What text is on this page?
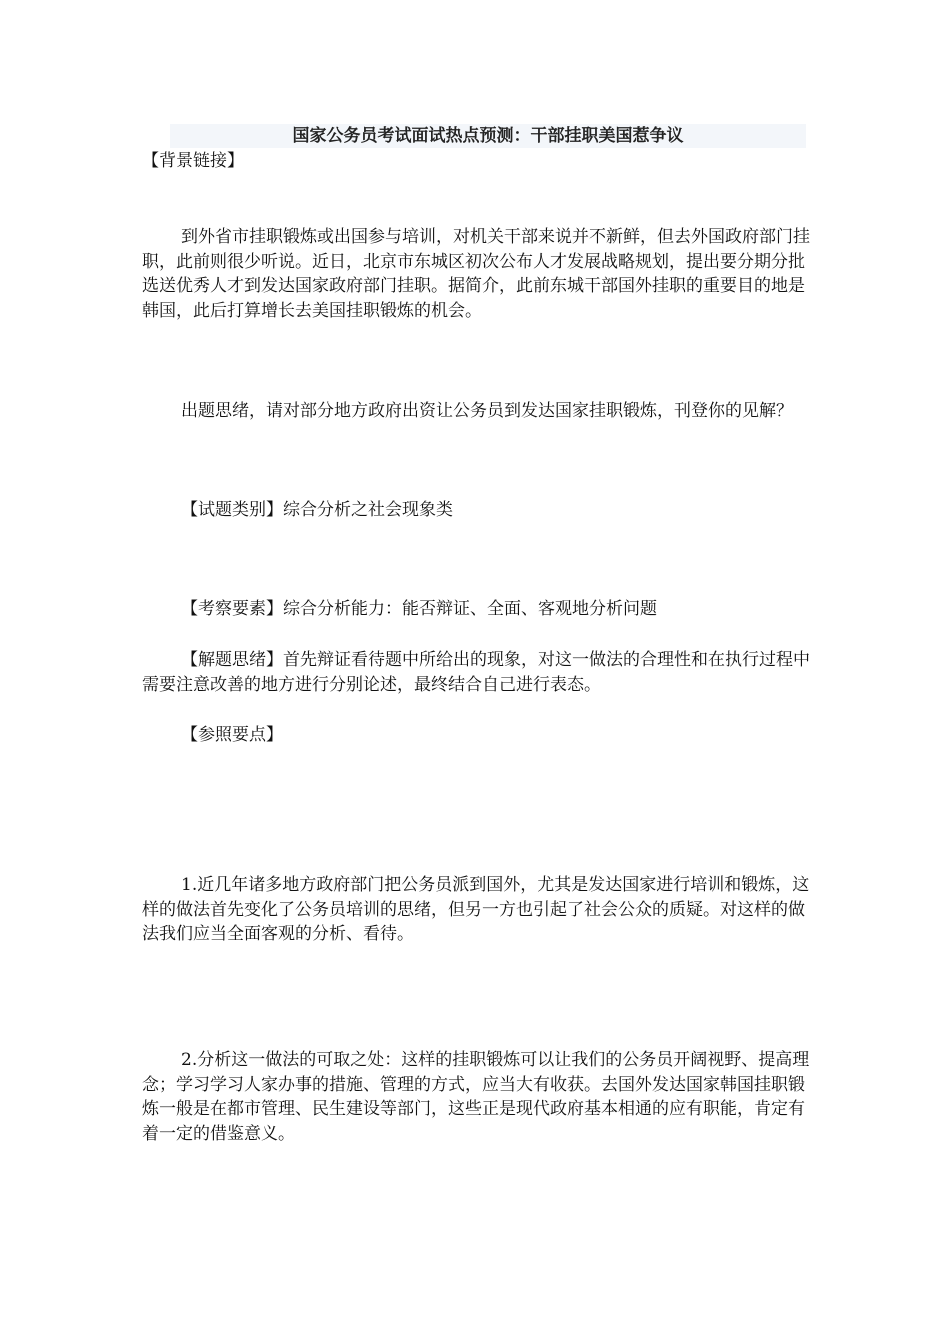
国家公务员考试面试热点预测：干部挂职美国惹争议

【背景链接】

到外省市挂职锻炼或出国参与培训，对机关干部来说并不新鲜，但去外国政府部门挂职，此前则很少听说。近日，北京市东城区初次公布人才发展战略规划，提出要分期分批选送优秀人才到发达国家政府部门挂职。据简介，此前东城干部国外挂职的重要目的地是韩国，此后打算增长去美国挂职锻炼的机会。

出题思绪，请对部分地方政府出资让公务员到发达国家挂职锻炼，刊登你的见解？

【试题类别】综合分析之社会现象类

【考察要素】综合分析能力：能否辩证、全面、客观地分析问题

【解题思绪】首先辩证看待题中所给出的现象，对这一做法的合理性和在执行过程中需要注意改善的地方进行分别论述，最终结合自己进行表态。

【参照要点】

1.近几年诸多地方政府部门把公务员派到国外，尤其是发达国家进行培训和锻炼，这样的做法首先变化了公务员培训的思绪，但另一方也引起了社会公众的质疑。对这样的做法我们应当全面客观的分析、看待。

2.分析这一做法的可取之处：这样的挂职锻炼可以让我们的公务员开阔视野、提高理念；学习学习人家办事的措施、管理的方式，应当大有收获。去国外发达国家韩国挂职锻炼一般是在都市管理、民生建设等部门，这些正是现代政府基本相通的应有职能，肯定有着一定的借鉴意义。
